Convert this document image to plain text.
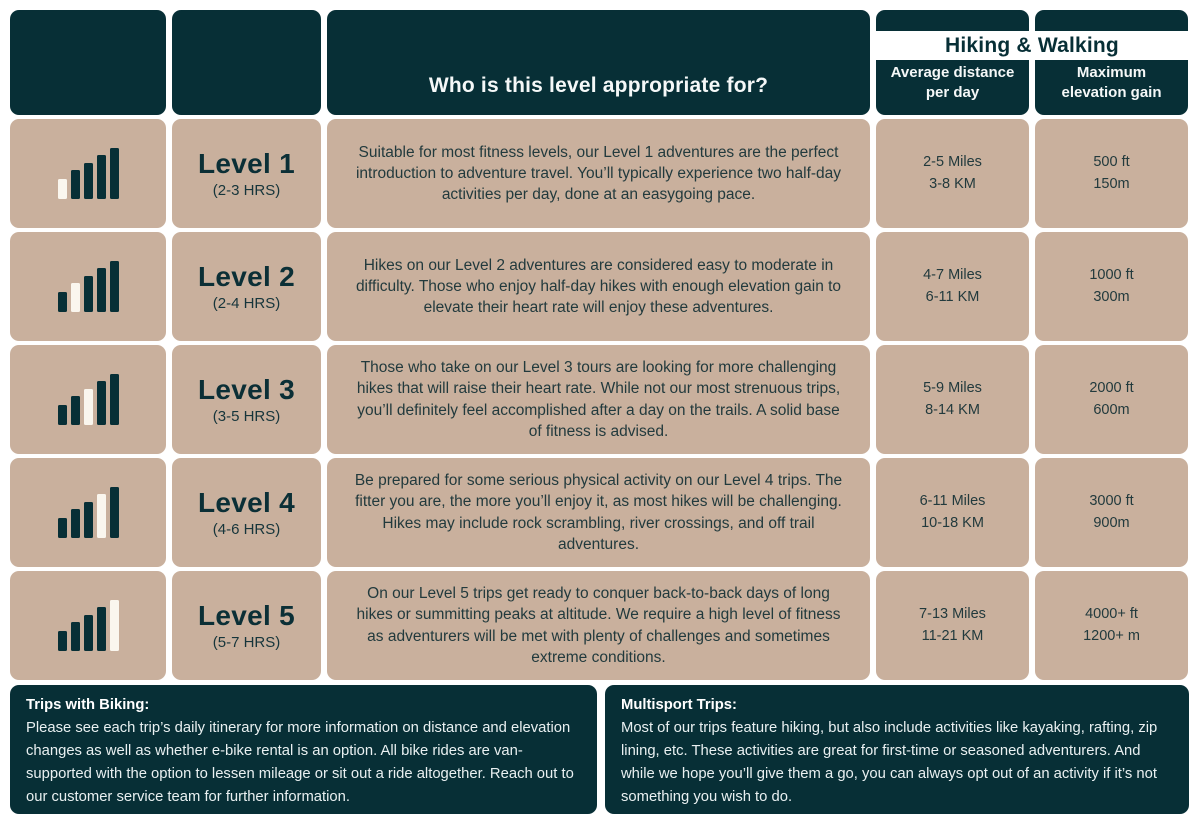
Who is this level appropriate for?
Average distance
per day
Maximum
elevation gain
Hiking & Walking
Level 1
(2-3 HRS)
Suitable for most fitness levels, our Level 1 adventures are the perfect introduction to adventure travel. You’ll typically experience two half-day activities per day, done at an easygoing pace.
2-5 Miles
3-8 KM
500 ft
150m
Level 2
(2-4 HRS)
Hikes on our Level 2 adventures are considered easy to moderate in difficulty. Those who enjoy half-day hikes with enough elevation gain to elevate their heart rate will enjoy these adventures.
4-7 Miles
6-11 KM
1000 ft
300m
Level 3
(3-5 HRS)
Those who take on our Level 3 tours are looking for more challenging hikes that will raise their heart rate. While not our most strenuous trips, you’ll definitely feel accomplished after a day on the trails. A solid base of fitness is advised.
5-9 Miles
8-14 KM
2000 ft
600m
Level 4
(4-6 HRS)
Be prepared for some serious physical activity on our Level 4 trips. The fitter you are, the more you’ll enjoy it, as most hikes will be challenging. Hikes may include rock scrambling, river crossings, and off trail adventures.
6-11 Miles
10-18 KM
3000 ft
900m
Level 5
(5-7 HRS)
On our Level 5 trips get ready to conquer back-to-back days of long hikes or summitting peaks at altitude. We require a high level of fitness as adventurers will be met with plenty of challenges and sometimes extreme conditions.
7-13 Miles
11-21 KM
4000+ ft
1200+ m
Trips with Biking:
Please see each trip’s daily itinerary for more information on distance and elevation changes as well as whether e-bike rental is an option. All bike rides are van-supported with the option to lessen mileage or sit out a ride altogether. Reach out to our customer service team for further information.
Multisport Trips:
Most of our trips feature hiking, but also include activities like kayaking, rafting, zip lining, etc. These activities are great for first-time or seasoned adventurers. And while we hope you’ll give them a go, you can always opt out of an activity if it’s not something you wish to do.
